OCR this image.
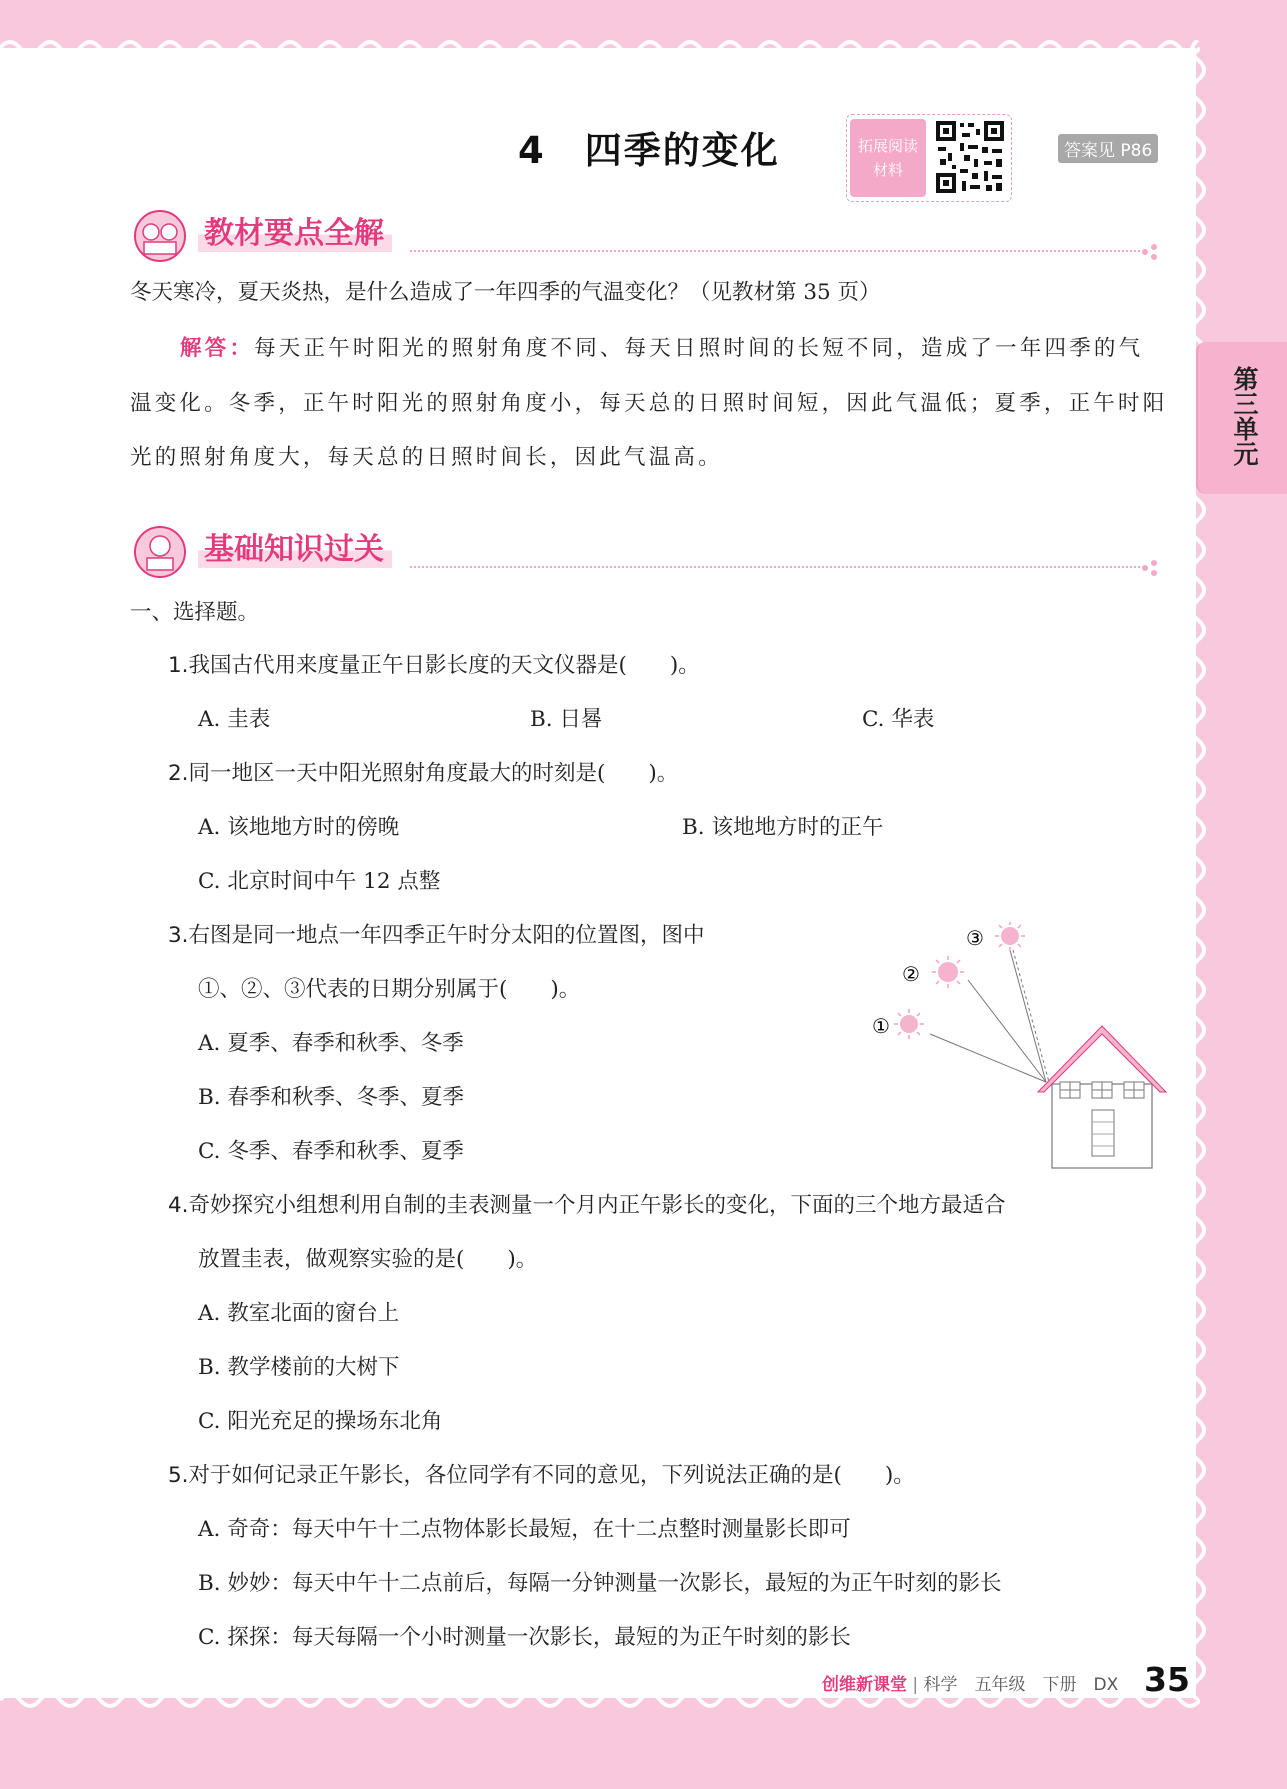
4　四季的变化	拓展阅读
材料
答案见 P86
第三单元
教材要点全解
冬天寒冷，夏天炎热，是什么造成了一年四季的气温变化？（见教材第 35 页）
解答：每天正午时阳光的照射角度不同、每天日照时间的长短不同，造成了一年四季的气
温变化。冬季，正午时阳光的照射角度小，每天总的日照时间短，因此气温低；夏季，正午时阳
光的照射角度大，每天总的日照时间长，因此气温高。
基础知识过关
一、选择题。
1.我国古代用来度量正午日影长度的天文仪器是(　　)。
A. 圭表	B. 日晷	C. 华表
2.同一地区一天中阳光照射角度最大的时刻是(　　)。
A. 该地地方时的傍晚	B. 该地地方时的正午
C. 北京时间中午 12 点整
3.右图是同一地点一年四季正午时分太阳的位置图，图中
①、②、③代表的日期分别属于(　　)。
A. 夏季、春季和秋季、冬季
B. 春季和秋季、冬季、夏季
C. 冬季、春季和秋季、夏季
①
②
③
4.奇妙探究小组想利用自制的圭表测量一个月内正午影长的变化，下面的三个地方最适合
放置圭表，做观察实验的是(　　)。
A. 教室北面的窗台上
B. 教学楼前的大树下
C. 阳光充足的操场东北角
5.对于如何记录正午影长，各位同学有不同的意见，下列说法正确的是(　　)。
A. 奇奇：每天中午十二点物体影长最短，在十二点整时测量影长即可
B. 妙妙：每天中午十二点前后，每隔一分钟测量一次影长，最短的为正午时刻的影长
C. 探探：每天每隔一个小时测量一次影长，最短的为正午时刻的影长
创维新课堂 | 科学　五年级　下册　DX 35
